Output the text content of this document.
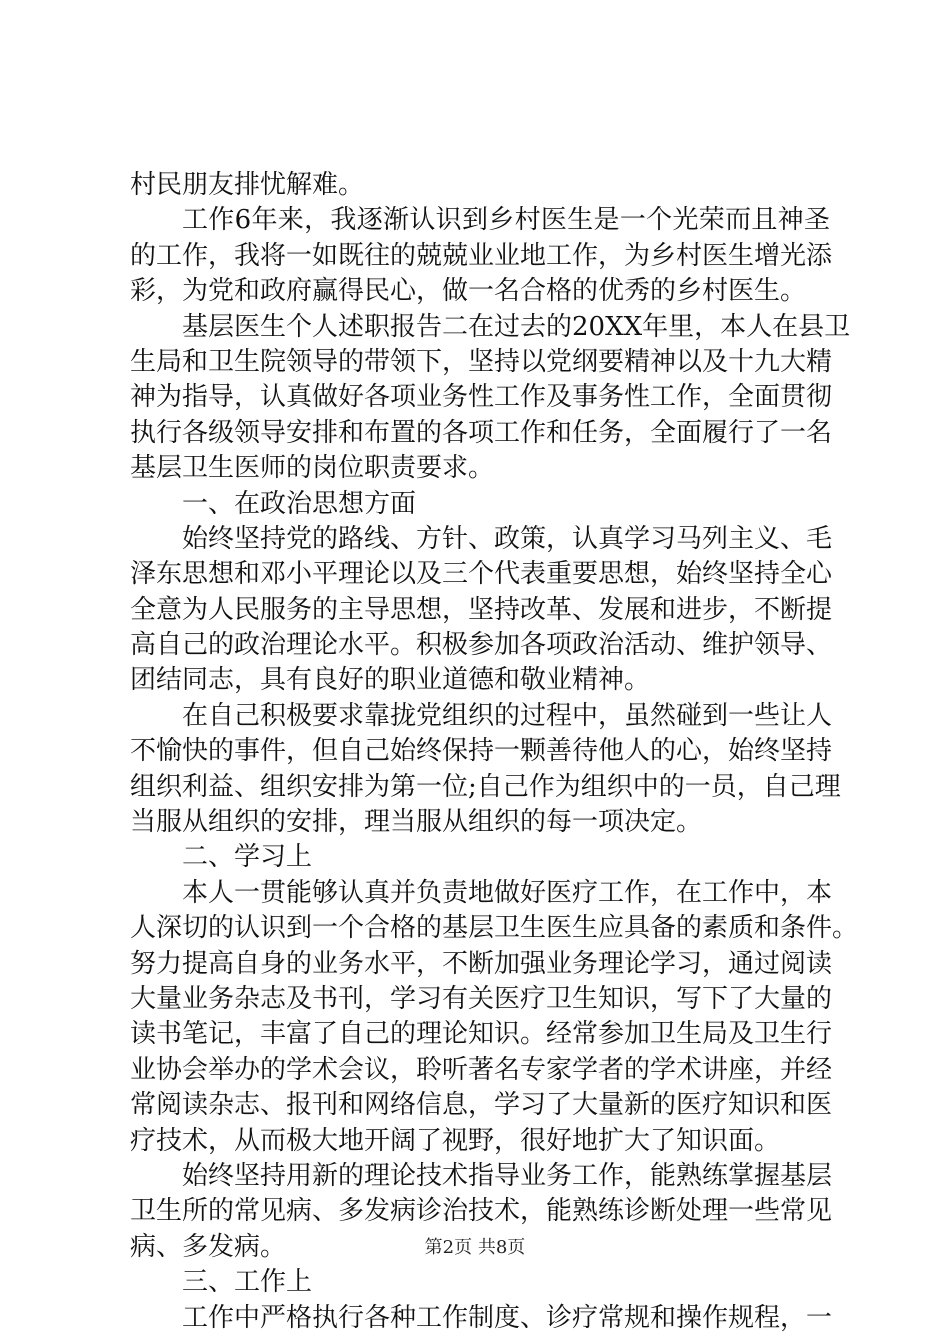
村民朋友排忧解难。
工作6年来，我逐渐认识到乡村医生是一个光荣而且神圣
的工作，我将一如既往的兢兢业业地工作，为乡村医生增光添
彩，为党和政府赢得民心，做一名合格的优秀的乡村医生。
基层医生个人述职报告二在过去的20XX年里，本人在县卫
生局和卫生院领导的带领下，坚持以党纲要精神以及十九大精
神为指导，认真做好各项业务性工作及事务性工作，全面贯彻
执行各级领导安排和布置的各项工作和任务，全面履行了一名
基层卫生医师的岗位职责要求。
一、在政治思想方面
始终坚持党的路线、方针、政策，认真学习马列主义、毛
泽东思想和邓小平理论以及三个代表重要思想，始终坚持全心
全意为人民服务的主导思想，坚持改革、发展和进步，不断提
高自己的政治理论水平。积极参加各项政治活动、维护领导、
团结同志，具有良好的职业道德和敬业精神。
在自己积极要求靠拢党组织的过程中，虽然碰到一些让人
不愉快的事件，但自己始终保持一颗善待他人的心，始终坚持
组织利益、组织安排为第一位;自己作为组织中的一员，自己理
当服从组织的安排，理当服从组织的每一项决定。
二、学习上
本人一贯能够认真并负责地做好医疗工作，在工作中，本
人深切的认识到一个合格的基层卫生医生应具备的素质和条件。
努力提高自身的业务水平，不断加强业务理论学习，通过阅读
大量业务杂志及书刊，学习有关医疗卫生知识，写下了大量的
读书笔记，丰富了自己的理论知识。经常参加卫生局及卫生行
业协会举办的学术会议，聆听著名专家学者的学术讲座，并经
常阅读杂志、报刊和网络信息，学习了大量新的医疗知识和医
疗技术，从而极大地开阔了视野，很好地扩大了知识面。
始终坚持用新的理论技术指导业务工作，能熟练掌握基层
卫生所的常见病、多发病诊治技术，能熟练诊断处理一些常见
病、多发病。
三、工作上
工作中严格执行各种工作制度、诊疗常规和操作规程，一
第2页 共8页
